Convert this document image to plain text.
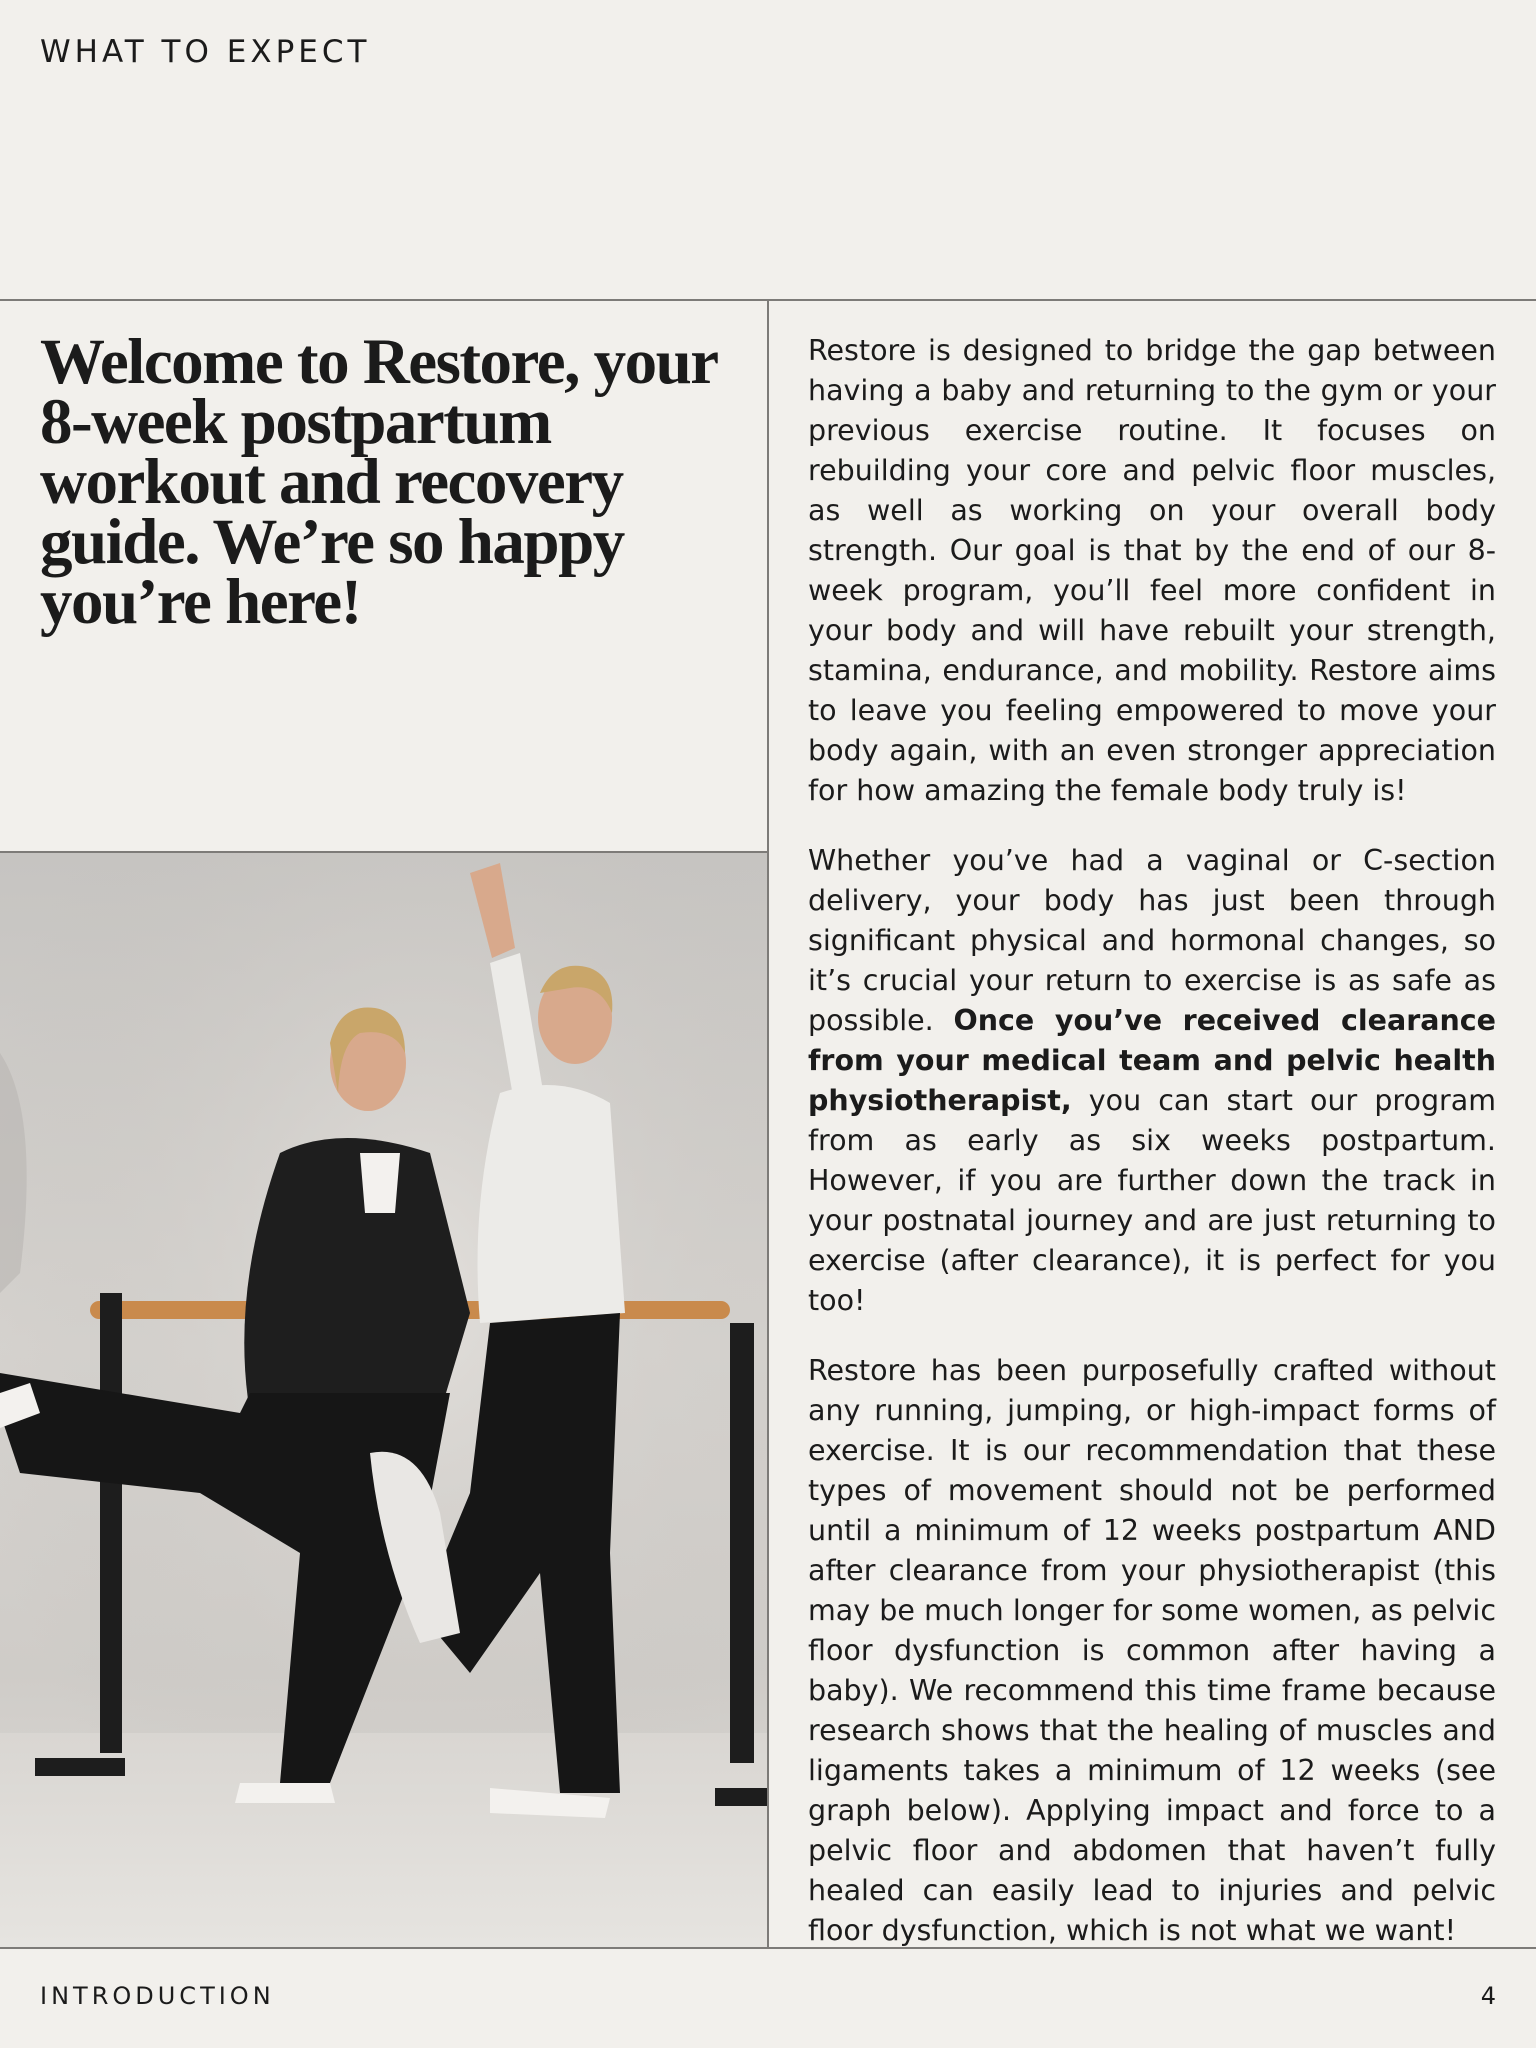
WHAT TO EXPECT
Welcome to Restore, your 8-week postpartum workout and recovery guide. We’re so happy you’re here!

Restore is designed to bridge the gap between having a baby and returning to the gym or your previous exercise routine. It focuses on rebuilding your core and pelvic floor muscles, as well as working on your overall body strength. Our goal is that by the end of our 8-week program, you’ll feel more confident in your body and will have rebuilt your strength, stamina, endurance, and mobility. Restore aims to leave you feeling empowered to move your body again, with an even stronger appreciation for how amazing the female body truly is!

Whether you’ve had a vaginal or C-section delivery, your body has just been through significant physical and hormonal changes, so it’s crucial your return to exercise is as safe as possible. Once you’ve received clearance from your medical team and pelvic health physiotherapist, you can start our program from as early as six weeks postpartum. However, if you are further down the track in your postnatal journey and are just returning to exercise (after clearance), it is perfect for you too!

Restore has been purposefully crafted without any running, jumping, or high-impact forms of exercise. It is our recommendation that these types of movement should not be performed until a minimum of 12 weeks postpartum AND after clearance from your physiotherapist (this may be much longer for some women, as pelvic floor dysfunction is common after having a baby). We recommend this time frame because research shows that the healing of muscles and ligaments takes a minimum of 12 weeks (see graph below). Applying impact and force to a pelvic floor and abdomen that haven’t fully healed can easily lead to injuries and pelvic floor dysfunction, which is not what we want!

INTRODUCTION	4
